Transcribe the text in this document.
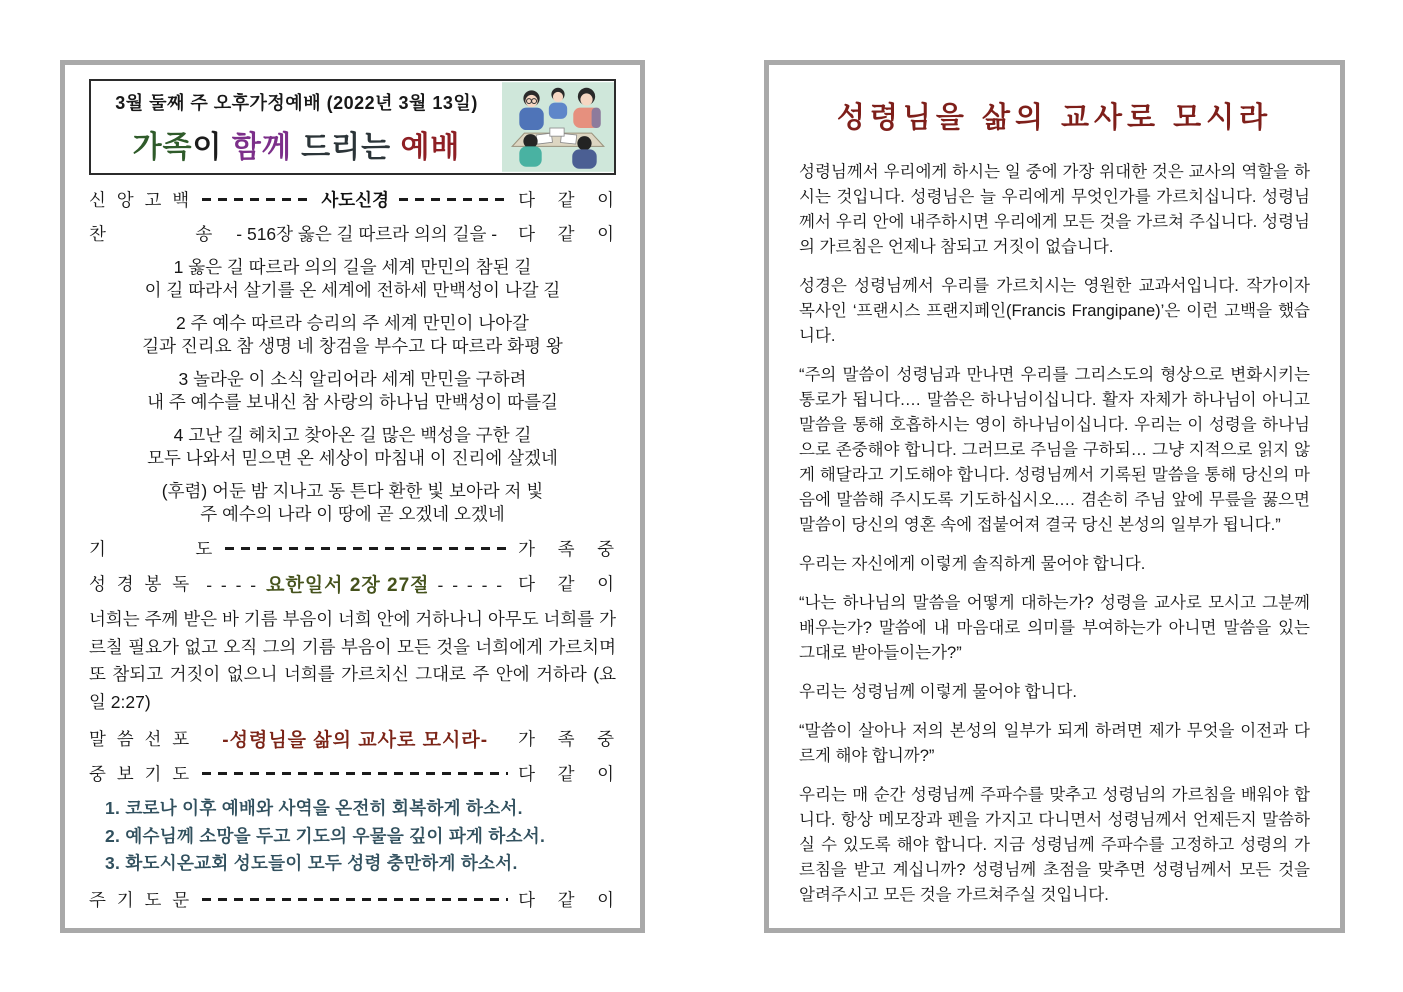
3월 둘째 주 오후가정예배 (2022년 3월 13일)
가족이 함께 드리는 예배
신 앙 고 백	사도신경	다   같   이
찬           송	- 516장 옳은 길 따르라 의의 길을 -	다   같   이
1 옳은 길 따르라 의의 길을 세계 만민의 참된 길
이 길 따라서 살기를 온 세계에 전하세 만백성이 나갈 길
2 주 예수 따르라 승리의 주 세계 만민이 나아갈
길과 진리요 참 생명 네 창검을 부수고 다 따르라 화평 왕
3 놀라운 이 소식 알리어라 세계 만민을 구하려
내 주 예수를 보내신 참 사랑의 하나님 만백성이 따를길
4 고난 길 헤치고 찾아온 길 많은 백성을 구한 길
모두 나와서 믿으면 온 세상이 마침내 이 진리에 살겠네
(후렴) 어둔 밤 지나고 동 튼다 환한 빛 보아라 저 빛
주 예수의 나라 이 땅에 곧 오겠네 오겠네
기           도	가   족   중
성 경 봉 독 - - - - 요한일서 2장 27절 - - - - - 다   같   이
너희는 주께 받은 바 기름 부음이 너희 안에 거하나니 아무도 너희를 가르칠 필요가 없고 오직 그의 기름 부음이 모든 것을 너희에게 가르치며 또 참되고 거짓이 없으니 너희를 가르치신 그대로 주 안에 거하라 (요일 2:27)
말 씀 선 포	-성령님을 삶의 교사로 모시라-	가   족   중
중 보 기 도	다   같   이
1. 코로나 이후 예배와 사역을 온전히 회복하게 하소서.
2. 예수님께 소망을 두고 기도의 우물을 깊이 파게 하소서.
3. 화도시온교회 성도들이 모두 성령 충만하게 하소서.
주 기 도 문	다   같   이
성령님을 삶의 교사로 모시라
성령님께서 우리에게 하시는 일 중에 가장 위대한 것은 교사의 역할을 하시는 것입니다. 성령님은 늘 우리에게 무엇인가를 가르치십니다. 성령님께서 우리 안에 내주하시면 우리에게 모든 것을 가르쳐 주십니다. 성령님의 가르침은 언제나 참되고 거짓이 없습니다.
성경은 성령님께서 우리를 가르치시는 영원한 교과서입니다. 작가이자 목사인 ‘프랜시스 프랜지페인(Francis Frangipane)’은 이런 고백을 했습니다.
“주의 말씀이 성령님과 만나면 우리를 그리스도의 형상으로 변화시키는 통로가 됩니다.… 말씀은 하나님이십니다. 활자 자체가 하나님이 아니고 말씀을 통해 호흡하시는 영이 하나님이십니다. 우리는 이 성령을 하나님으로 존중해야 합니다. 그러므로 주님을 구하되… 그냥 지적으로 읽지 않게 해달라고 기도해야 합니다. 성령님께서 기록된 말씀을 통해 당신의 마음에 말씀해 주시도록 기도하십시오.… 겸손히 주님 앞에 무릎을 꿇으면 말씀이 당신의 영혼 속에 접붙어져 결국 당신 본성의 일부가 됩니다.”
우리는 자신에게 이렇게 솔직하게 물어야 합니다.
“나는 하나님의 말씀을 어떻게 대하는가? 성령을 교사로 모시고 그분께 배우는가? 말씀에 내 마음대로 의미를 부여하는가 아니면 말씀을 있는 그대로 받아들이는가?”
우리는 성령님께 이렇게 물어야 합니다.
“말씀이 살아나 저의 본성의 일부가 되게 하려면 제가 무엇을 이전과 다르게 해야 합니까?”
우리는 매 순간 성령님께 주파수를 맞추고 성령님의 가르침을 배워야 합니다. 항상 메모장과 펜을 가지고 다니면서 성령님께서 언제든지 말씀하실 수 있도록 해야 합니다. 지금 성령님께 주파수를 고정하고 성령의 가르침을 받고 계십니까? 성령님께 초점을 맞추면 성령님께서 모든 것을 알려주시고 모든 것을 가르쳐주실 것입니다.
